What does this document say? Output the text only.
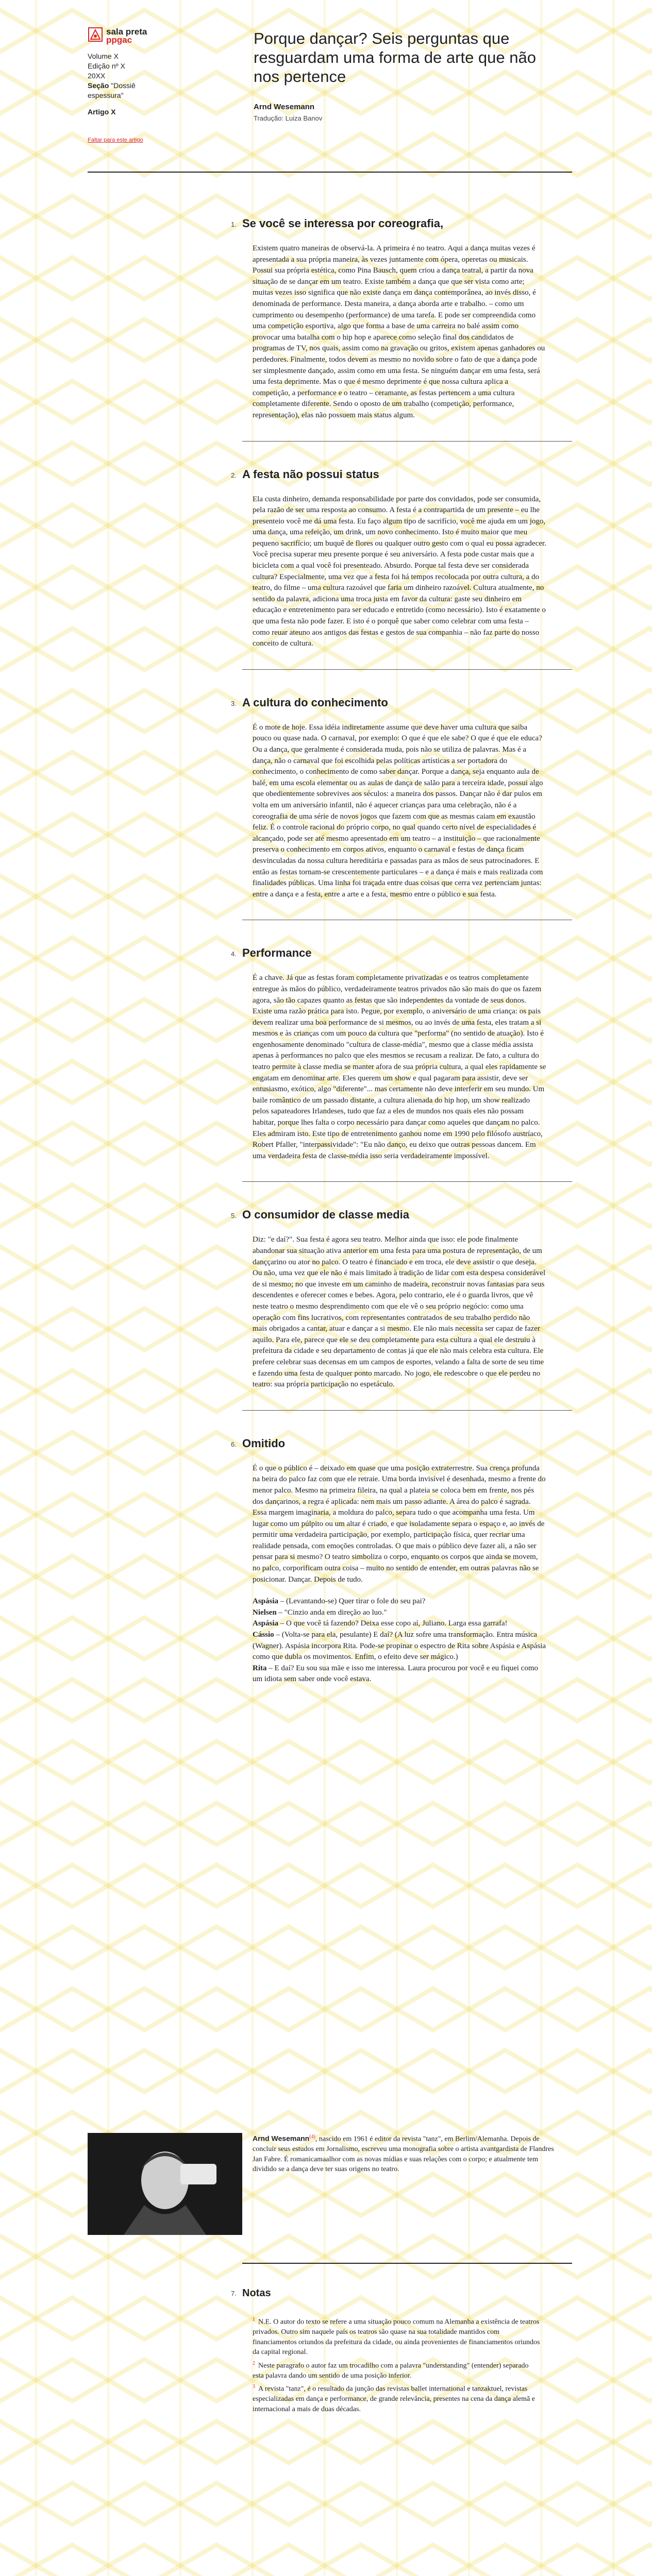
sala preta
ppgac
Volume X
Edição nº X
20XX
Seção "Dossiê espessura"
Artigo X
Faltar para este artigo
Porque dançar? Seis perguntas que resguardam uma forma de arte que não nos pertence
Arnd Wesemann
Tradução: Luiza Banov
1. Se você se interessa por coreografia,

Existem quatro maneiras de observá-la. A primeira é no teatro. Aqui a dança muitas vezes é apresentada a sua própria maneira, às vezes juntamente com ópera, operetas ou musicais. Possui sua própria estética, como Pina Bausch, quem criou a dança teatral, a partir da nova situação de se dançar em um teatro. Existe também a dança que que ser vista como arte; muitas vezes isso significa que não existe dança em dança contemporânea, ao invés disso, é denominada de performance. Desta maneira, a dança aborda arte e trabalho. – como um cumprimento ou desempenho (performance) de uma tarefa. E pode ser compreendida como uma competição esportiva, algo que forma a base de uma carreira no balé assim como provocar uma batalha com o hip hop e aparece como seleção final dos candidatos de programas de TV, nos quais, assim como na gravação ou gritos, existem apenas ganhadores ou perdedores. Finalmente, todos devem as mesmo no novido sobre o fato de que a dança pode ser simplesmente dançado, assim como em uma festa. Se ninguém dançar em uma festa, será uma festa deprimente. Mas o que é mesmo deprimente é que nossa cultura aplica a competição, a performance e o teatro – ceramante, as festas pertencem a uma cultura completamente diferente. Sendo o oposto de um trabalho (competição, performance, representação), elas não possuem mais status algum.

2. A festa não possui status

Ela custa dinheiro, demanda responsabilidade por parte dos convidados, pode ser consumida, pela razão de ser uma resposta ao consumo. A festa é a contrapartida de um presente – eu lhe presenteio você me dá uma festa. Eu faço algum tipo de sacrifício, você me ajuda em um jogo, uma dança, uma refeição, um drink, um novo conhecimento. Isto é muito maior que meu pequeno sacrifício; um buquê de flores ou qualquer outro gesto com o qual eu possa agradecer. Você precisa superar meu presente porque é seu aniversário. A festa pode custar mais que a bicicleta com a qual você foi presenteado. Absurdo. Porque tal festa deve ser considerada cultura? Especialmente, uma vez que a festa foi há tempos recolocada por outra cultura, a do teatro, do filme – uma cultura razoável que faria um dinheiro razoável. Cultura atualmente, no sentido da palavra, adiciona uma troca justa em favor da cultura: gaste seu dinheiro em educação e entretenimento para ser educado e entretido (como necessário). Isto é exatamente o que uma festa não pode fazer. E isto é o porquê que saber como celebrar com uma festa – como reuar ateuno aos antigos das festas e gestos de sua companhia – não faz parte do nosso conceito de cultura.

3. A cultura do conhecimento

É o mote de hoje. Essa idéia indiretamente assume que deve haver uma cultura que saiba pouco ou quase nada. O carnaval, por exemplo: O que é que ele sabe? O que é que ele educa? Ou a dança, que geralmente é considerada muda, pois não se utiliza de palavras. Mas é a dança, não o carnaval que foi escolhida pelas políticas artísticas a ser portadora do conhecimento, o conhecimento de como saber dançar. Porque a dança, seja enquanto aula de balé, em uma escola elementar ou as aulas de dança de salão para a terceira idade, possui algo que obedientemente sobrevives aos séculos: a maneira dos passos. Dançar não é dar pulos em volta em um aniversário infantil, não é aquecer crianças para uma celebração, não é a coreografia de uma série de novos jogos que fazem com que as mesmas caiam em exaustão feliz. É o controle racional do próprio corpo, no qual quando certo nível de especialidades é alcançado, pode ser até mesmo apresentado em um teatro – a instituição – que racionalmente preserva o conhecimento em corpos ativos, enquanto o carnaval e festas de dança ficam desvinculadas da nossa cultura hereditária e passadas para as mãos de seus patrocinadores. E então as festas tornam-se crescentemente particulares – e a dança é mais e mais realizada com finalidades públicas. Uma linha foi traçada entre duas coisas que cerra vez pertenciam juntas: entre a dança e a festa, entre a arte e a festa, mesmo entre o público e sua festa.

4. Performance

É a chave. Já que as festas foram completamente privatizadas e os teatros completamente entregue às mãos do público, verdadeiramente teatros privados não são mais do que os fazem agora, são tão capazes quanto as festas que são independentes da vontade de seus donos. Existe uma razão prática para isto. Pegue, por exemplo, o aniversário de uma criança: os pais devem realizar uma boa performance de si mesmos, ou ao invés de uma festa, eles tratam a si mesmos e às crianças com um pouco da cultura que "performa" (no sentido de atuação). Isto é engenhosamente denominado "cultura de classe-média", mesmo que a classe média assista apenas à performances no palco que eles mesmos se recusam a realizar. De fato, a cultura do teatro permite à classe media se manter afora de sua própria cultura, a qual eles rapidamente se engatam em denominar arte. Eles querem um show e qual pagaram para assistir, deve ser entusiasmo, exótico, algo "diferente"... mas certamente não deve interferir em seu mundo. Um baile romântico de um passado distante, a cultura alienada do hip hop, um show realizado pelos sapateadores Irlandeses, tudo que faz a eles de mundos nos quais eles não possam habitar, porque lhes falta o corpo necessário para dançar como aqueles que dançam no palco. Eles admiram isto. Este tipo de entretenimento ganhou nome em 1990 pelo filósofo austríaco, Robert Pfaller, "interpassividade": "Eu não danço, eu deixo que outras pessoas dancem. Em uma verdadeira festa de classe-média isso seria verdadeiramente impossível.

5. O consumidor de classe media

Diz: "e daí?". Sua festa é agora seu teatro. Melhor ainda que isso: ele pode finalmente abandonar sua situação ativa anterior em uma festa para uma postura de representação, de um danççarino ou ator no palco. O teatro é financiado e em troca, ele deve assistir o que deseja. Ou não, uma vez que ele não é mais limitado à tradição de lidar com esta despesa considerável de si mesmo; no que investe em um caminho de madeira, reconstruir novas fantasias para seus descendentes e oferecer comes e bebes. Agora, pelo contrario, ele é o guarda livros, que vê neste teatro o mesmo desprendimento com que ele vê o seu próprio negócio: como uma operação com fins lucrativos, com representantes contratados de seu trabalho perdido não mais obrigados a cantar, atuar e dançar a si mesmo. Ele não mais necessita ser capaz de fazer aquilo. Para ele, parece que ele se deu completamente para esta cultura a qual ele destruiu à prefeitura da cidade e seu departamento de contas já que ele não mais celebra esta cultura. Ele prefere celebrar suas decensas em um campos de esportes, velando a falta de sorte de seu time e fazendo uma festa de qualquer ponto marcado. No jogo, ele redescobre o que ele perdeu no teatro: sua própria participação no espetáculo.

6. Omitido

É o que o público é – deixado em quase que uma posição extraterrestre. Sua crença profunda na beira do palco faz com que ele retraie. Uma borda invisível é desenhada, mesmo a frente do menor palco. Mesmo na primeira fileira, na qual a plateia se coloca bem em frente, nos pés dos dançarinos, a regra é aplicada: nem mais um passo adiante. A área do palco é sagrada. Essa margem imaginaria, a moldura do palco, separa tudo o que acompanha uma festa. Um lugar como um púlpito ou um altar é criado, e que isoladamente separa o espaço e, ao invés de permitir uma verdadeira participação, por exemplo, participação física, quer recriar uma realidade pensada, com emoções controladas. O que mais o público deve fazer ali, a não ser pensar para si mesmo? O teatro simboliza o corpo, enquanto os corpos que ainda se movem, no palco, corporificam outra coisa – muito no sentido de entender, em outras palavras não se posicionar. Dançar. Depois de tudo.

Aspásia – (Levantando-se) Quer tirar o fole do seu pai?

Nielsen – "Cinzio anda em direção ao luo."

Aspásia – O que você tá fazendo? Deixa esse copo aí, Juliano. Larga essa garrafa!

Cássio – (Volta-se para ela, pesulante) E daí? (A luz sofre uma transformação. Entra música (Wagner). Aspásia incorpora Rita. Pode-se propinar o espectro de Rita sobre Aspásia e Aspásia como que dubla os movimentos. Enfim, o efeito deve ser mágico.)

Rita – E daí? Eu sou sua mãe e isso me interessa. Laura procurou por você e eu fiquei como um idiota sem saber onde você estava.

Arnd Wesemann$^{(4)}$, nascido em 1961 é editor da revista "tanz", em Berlim/Alemanha. Depois de concluir seus estudos em Jornalismo, escreveu uma monografia sobre o artista avantgardista de Flandres Jan Fabre. É romanicamaalhor com as novas mídias e suas relações com o corpo; e atualmente tem dividido se a dança deve ter suas origens no teatro.
7. Notas
$^1$ N.E. O autor do texto se refere a uma situação pouco comum na Alemanha a existência de teatros privados. Outro sim naquele país os teatros são quase na sua totalidade mantidos com financiamentos oriundos da prefeitura da cidade, ou ainda provenientes de financiamentos oriundos da capital regional.
$^2$ Neste paragrafo o autor faz um trocadilho com a palavra "understanding" (entender) separado esta palavra dando um sentido de uma posição inferior.
$^3$ A revista "tanz", é o resultado da junção das revistas ballet international e tanzaktuel, revistas especializadas em dança e performance, de grande relevância, presentes na cena da dança alemã e internacional a mais de duas décadas.
